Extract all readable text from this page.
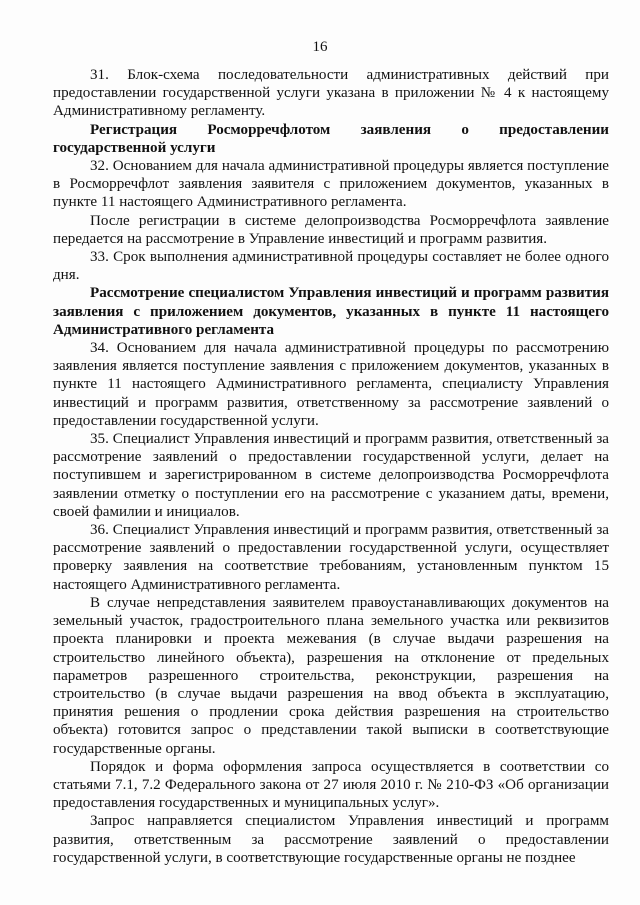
16

31. Блок-схема последовательности административных действий при предоставлении государственной услуги указана в приложении № 4 к настоящему Административному регламенту.

Регистрация Росморречфлотом заявления о предоставлении государственной услуги

32. Основанием для начала административной процедуры является поступление в Росморречфлот заявления заявителя с приложением документов, указанных в пункте 11 настоящего Административного регламента.

После регистрации в системе делопроизводства Росморречфлота заявление передается на рассмотрение в Управление инвестиций и программ развития.

33. Срок выполнения административной процедуры составляет не более одного дня.

Рассмотрение специалистом Управления инвестиций и программ развития заявления с приложением документов, указанных в пункте 11 настоящего Административного регламента

34. Основанием для начала административной процедуры по рассмотрению заявления является поступление заявления с приложением документов, указанных в пункте 11 настоящего Административного регламента, специалисту Управления инвестиций и программ развития, ответственному за рассмотрение заявлений о предоставлении государственной услуги.

35. Специалист Управления инвестиций и программ развития, ответственный за рассмотрение заявлений о предоставлении государственной услуги, делает на поступившем и зарегистрированном в системе делопроизводства Росморречфлота заявлении отметку о поступлении его на рассмотрение с указанием даты, времени, своей фамилии и инициалов.

36. Специалист Управления инвестиций и программ развития, ответственный за рассмотрение заявлений о предоставлении государственной услуги, осуществляет проверку заявления на соответствие требованиям, установленным пунктом 15 настоящего Административного регламента.

В случае непредставления заявителем правоустанавливающих документов на земельный участок, градостроительного плана земельного участка или реквизитов проекта планировки и проекта межевания (в случае выдачи разрешения на строительство линейного объекта), разрешения на отклонение от предельных параметров разрешенного строительства, реконструкции, разрешения на строительство (в случае выдачи разрешения на ввод объекта в эксплуатацию, принятия решения о продлении срока действия разрешения на строительство объекта) готовится запрос о представлении такой выписки в соответствующие государственные органы.

Порядок и форма оформления запроса осуществляется в соответствии со статьями 7.1, 7.2 Федерального закона от 27 июля 2010 г. № 210-ФЗ «Об организации предоставления государственных и муниципальных услуг».

Запрос направляется специалистом Управления инвестиций и программ развития, ответственным за рассмотрение заявлений о предоставлении государственной услуги, в соответствующие государственные органы не позднее
